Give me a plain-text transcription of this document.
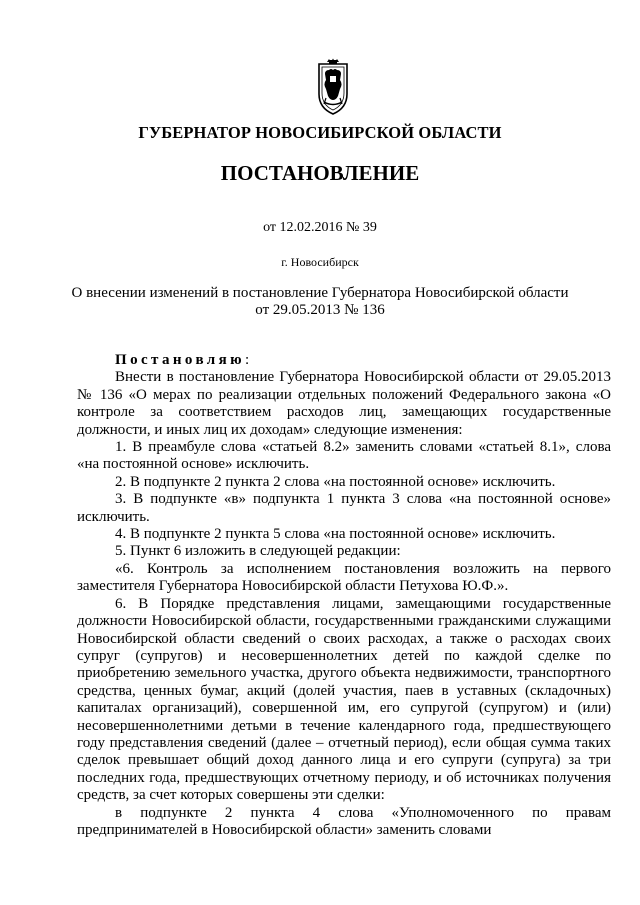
ГУБЕРНАТОР НОВОСИБИРСКОЙ ОБЛАСТИ
ПОСТАНОВЛЕНИЕ
от 12.02.2016 № 39
г. Новосибирск
О внесении изменений в постановление Губернатора Новосибирской области
от 29.05.2013 № 136

Постановляю:

Внести в постановление Губернатора Новосибирской области от 29.05.2013 № 136 «О мерах по реализации отдельных положений Федерального закона «О контроле за соответствием расходов лиц, замещающих государственные должности, и иных лиц их доходам» следующие изменения:

1. В преамбуле слова «статьей 8.2» заменить словами «статьей 8.1», слова «на постоянной основе» исключить.

2. В подпункте 2 пункта 2 слова «на постоянной основе» исключить.

3. В подпункте «в» подпункта 1 пункта 3 слова «на постоянной основе» исключить.

4. В подпункте 2 пункта 5 слова «на постоянной основе» исключить.

5. Пункт 6 изложить в следующей редакции:

«6. Контроль за исполнением постановления возложить на первого заместителя Губернатора Новосибирской области Петухова Ю.Ф.».

6. В Порядке представления лицами, замещающими государственные должности Новосибирской области, государственными гражданскими служащими Новосибирской области сведений о своих расходах, а также о расходах своих супруг (супругов) и несовершеннолетних детей по каждой сделке по приобретению земельного участка, другого объекта недвижимости, транспортного средства, ценных бумаг, акций (долей участия, паев в уставных (складочных) капиталах организаций), совершенной им, его супругой (супругом) и (или) несовершеннолетними детьми в течение календарного года, предшествующего году представления сведений (далее – отчетный период), если общая сумма таких сделок превышает общий доход данного лица и его супруги (супруга) за три последних года, предшествующих отчетному периоду, и об источниках получения средств, за счет которых совершены эти сделки:

в подпункте 2 пункта 4 слова «Уполномоченного по правам предпринимателей в Новосибирской области» заменить словами
